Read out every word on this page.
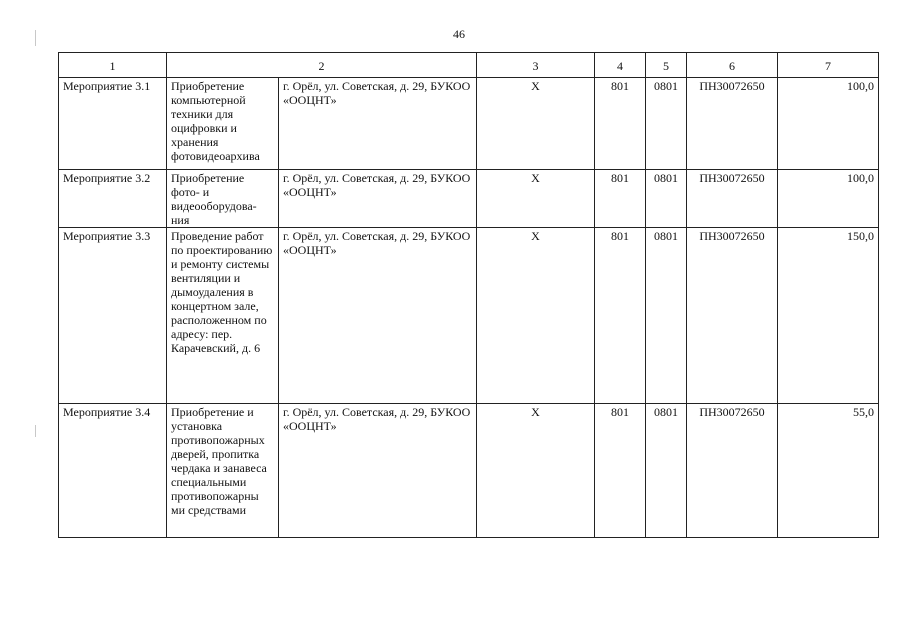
46
1	2		3	4	5	6	7
Мероприятие 3.1	Приобретение компьютерной техники для оцифровки и хранения фотовидеоархива	г. Орёл, ул. Советская, д. 29, БУКОО «ООЦНТ»	Х	801	0801	ПН30072650	100,0
Мероприятие 3.2	Приобретение фото- и видеооборудова-ния	г. Орёл, ул. Советская, д. 29, БУКОО «ООЦНТ»	Х	801	0801	ПН30072650	100,0
Мероприятие 3.3	Проведение работ по проектированию и ремонту системы вентиляции и дымоудаления в концертном зале, расположенном по адресу: пер. Карачевский, д. 6	г. Орёл, ул. Советская, д. 29, БУКОО «ООЦНТ»	Х	801	0801	ПН30072650	150,0
Мероприятие 3.4	Приобретение и установка противопожарных дверей, пропитка чердака и занавеса специальными противопожарны ми средствами	г. Орёл, ул. Советская, д. 29, БУКОО «ООЦНТ»	Х	801	0801	ПН30072650	55,0
